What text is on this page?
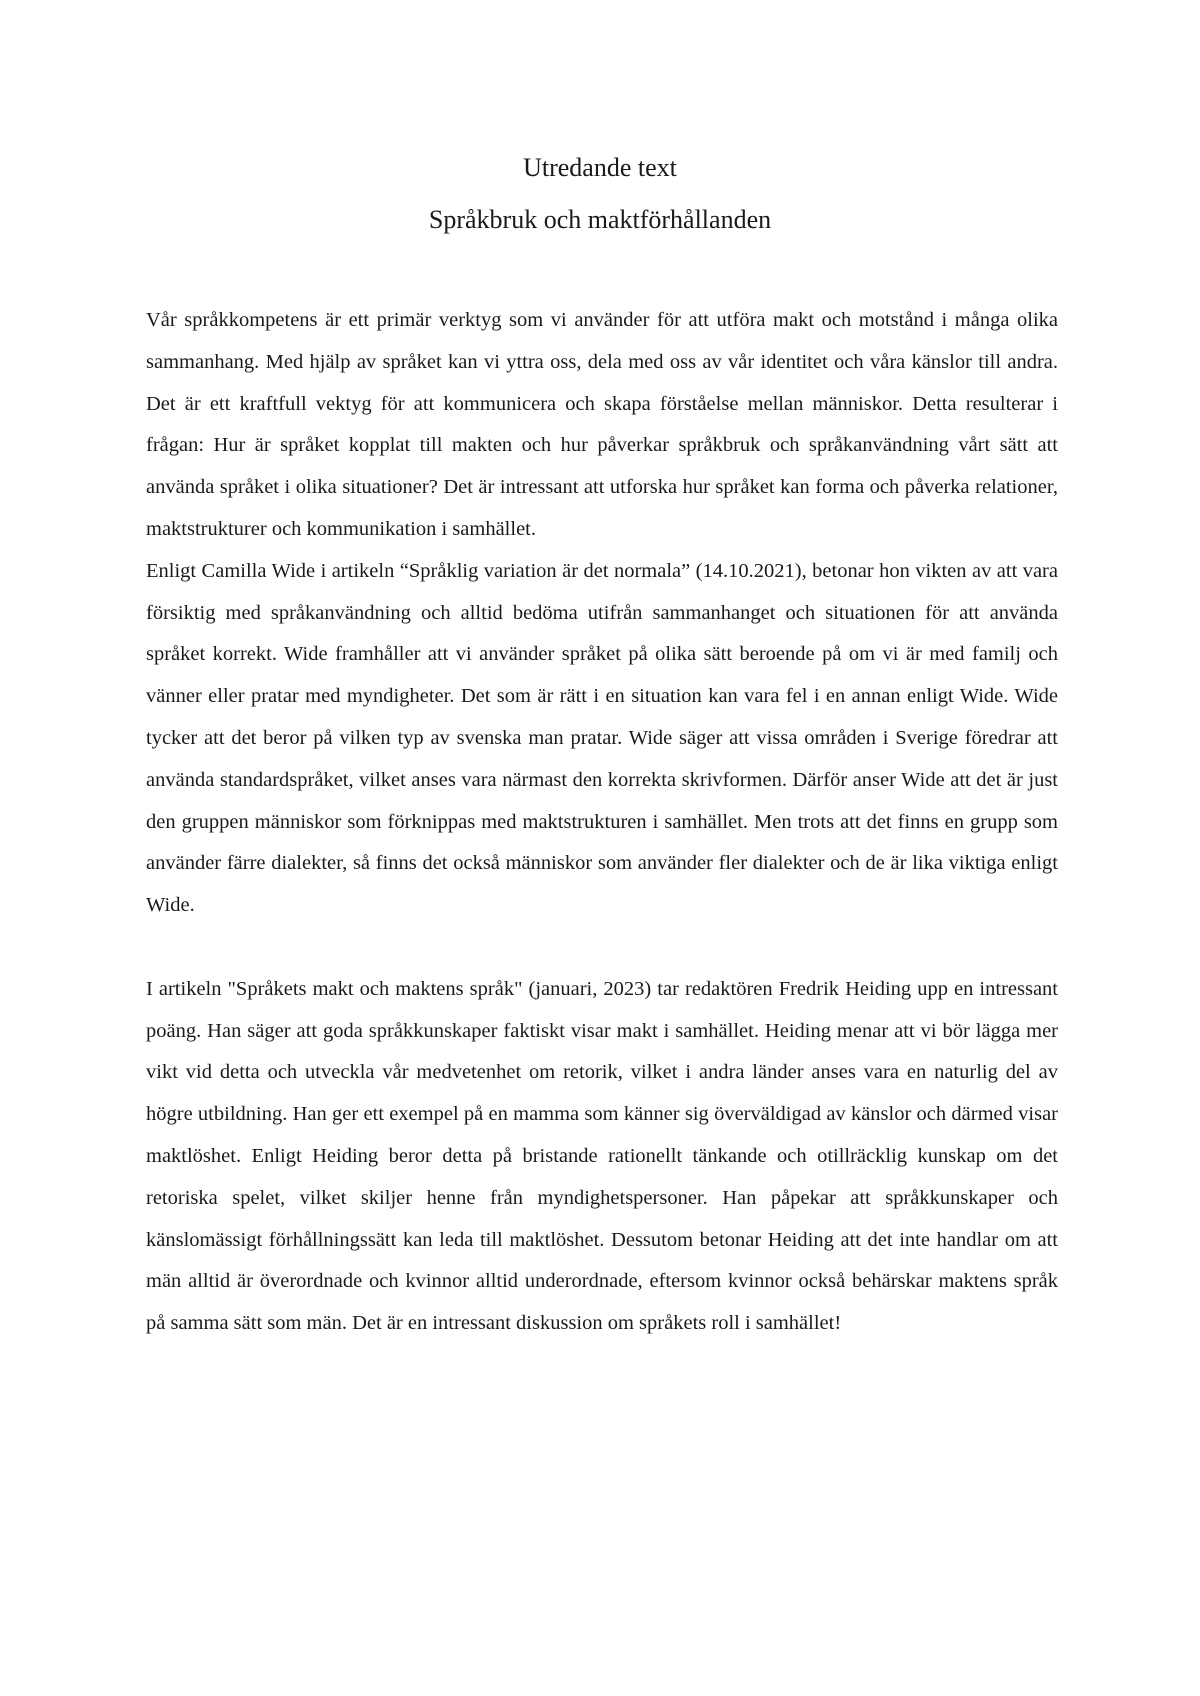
Utredande text
Språkbruk och maktförhållanden

Vår språkkompetens är ett primär verktyg som vi använder för att utföra makt och motstånd i många olika sammanhang. Med hjälp av språket kan vi yttra oss, dela med oss av vår identitet och våra känslor till andra. Det är ett kraftfull vektyg för att kommunicera och skapa förståelse mellan människor. Detta resulterar i frågan: Hur är språket kopplat till makten och hur påverkar språkbruk och språkanvändning vårt sätt att använda språket i olika situationer? Det är intressant att utforska hur språket kan forma och påverka relationer, maktstrukturer och kommunikation i samhället.

Enligt Camilla Wide i artikeln “Språklig variation är det normala” (14.10.2021), betonar hon vikten av att vara försiktig med språkanvändning och alltid bedöma utifrån sammanhanget och situationen för att använda språket korrekt. Wide framhåller att vi använder språket på olika sätt beroende på om vi är med familj och vänner eller pratar med myndigheter. Det som är rätt i en situation kan vara fel i en annan enligt Wide. Wide tycker att det beror på vilken typ av svenska man pratar. Wide säger att vissa områden i Sverige föredrar att använda standardspråket, vilket anses vara närmast den korrekta skrivformen. Därför anser Wide att det är just den gruppen människor som förknippas med maktstrukturen i samhället. Men trots att det finns en grupp som använder färre dialekter, så finns det också människor som använder fler dialekter och de är lika viktiga enligt Wide.

I artikeln "Språkets makt och maktens språk" (januari, 2023) tar redaktören Fredrik Heiding upp en intressant poäng. Han säger att goda språkkunskaper faktiskt visar makt i samhället. Heiding menar att vi bör lägga mer vikt vid detta och utveckla vår medvetenhet om retorik, vilket i andra länder anses vara en naturlig del av högre utbildning. Han ger ett exempel på en mamma som känner sig överväldigad av känslor och därmed visar maktlöshet. Enligt Heiding beror detta på bristande rationellt tänkande och otillräcklig kunskap om det retoriska spelet, vilket skiljer henne från myndighetspersoner. Han påpekar att språkkunskaper och känslomässigt förhållningssätt kan leda till maktlöshet. Dessutom betonar Heiding att det inte handlar om att män alltid är överordnade och kvinnor alltid underordnade, eftersom kvinnor också behärskar maktens språk på samma sätt som män. Det är en intressant diskussion om språkets roll i samhället!
